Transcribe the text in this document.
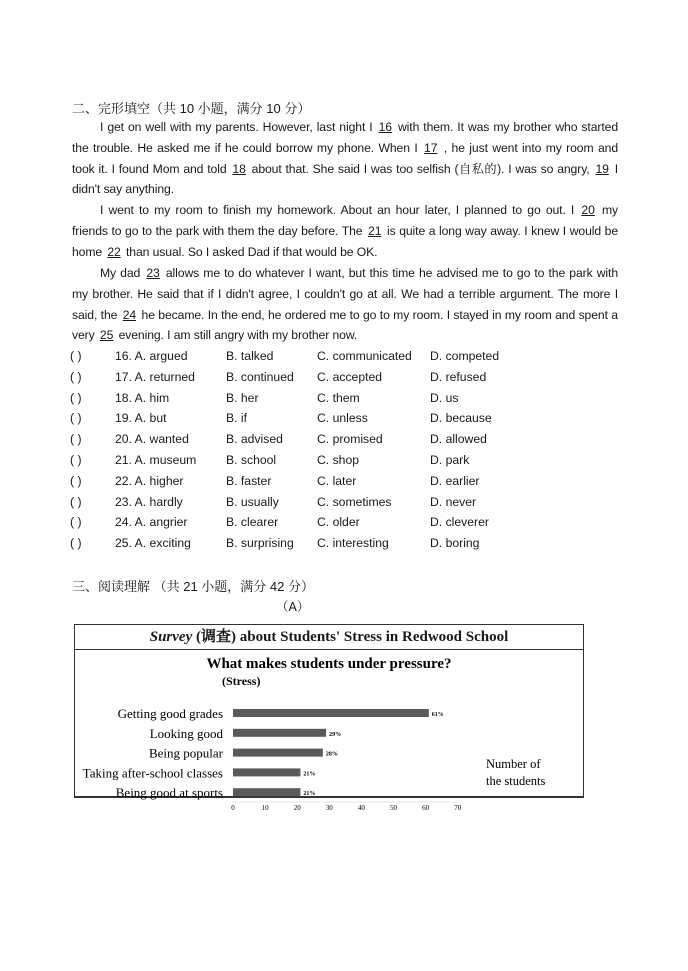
二、完形填空（共 10 小题，满分 10 分）
I get on well with my parents. However, last night I 16 with them. It was my brother who started the trouble. He asked me if he could borrow my phone. When I 17 , he just went into my room and took it. I found Mom and told 18 about that. She said I was too selfish (自私的). I was so angry, 19 I didn't say anything.
I went to my room to finish my homework. About an hour later, I planned to go out. I 20 my friends to go to the park with them the day before. The 21 is quite a long way away. I knew I would be home 22 than usual. So I asked Dad if that would be OK.
My dad 23 allows me to do whatever I want, but this time he advised me to go to the park with my brother. He said that if I didn't agree, I couldn't go at all. We had a terrible argument. The more I said, the 24 he became. In the end, he ordered me to go to my room. I stayed in my room and spent a very 25 evening. I am still angry with my brother now.
( )	16. A. argued	B. talked	C. communicated D. competed
( )	17. A. returned	B. continued C. accepted	D. refused
( )	18. A. him	B. her	C. them	D. us
( )	19. A. but	B. if	C. unless	D. because
( )	20. A. wanted	B. advised	C. promised	D. allowed
( )	21. A. museum B. school	C. shop	D. park
( )	22. A. higher	B. faster	C. later	D. earlier
( )	23. A. hardly	B. usually	C. sometimes	D. never
( )	24. A. angrier	B. clearer	C. older	D. cleverer
( )	25. A. exciting	B. surprising C. interesting	D. boring
三、阅读理解 （共 21 小题，满分 42 分）
（A）
Survey (调查) about Students' Stress in Redwood School
What makes students under pressure?
(Stress)
Getting good grades	61%
Looking good	29%
Being popular	28%
Taking after-school classes	21%
Being good at sports	21%
0	10	20	30	40	50	60	70
Number of
the students
